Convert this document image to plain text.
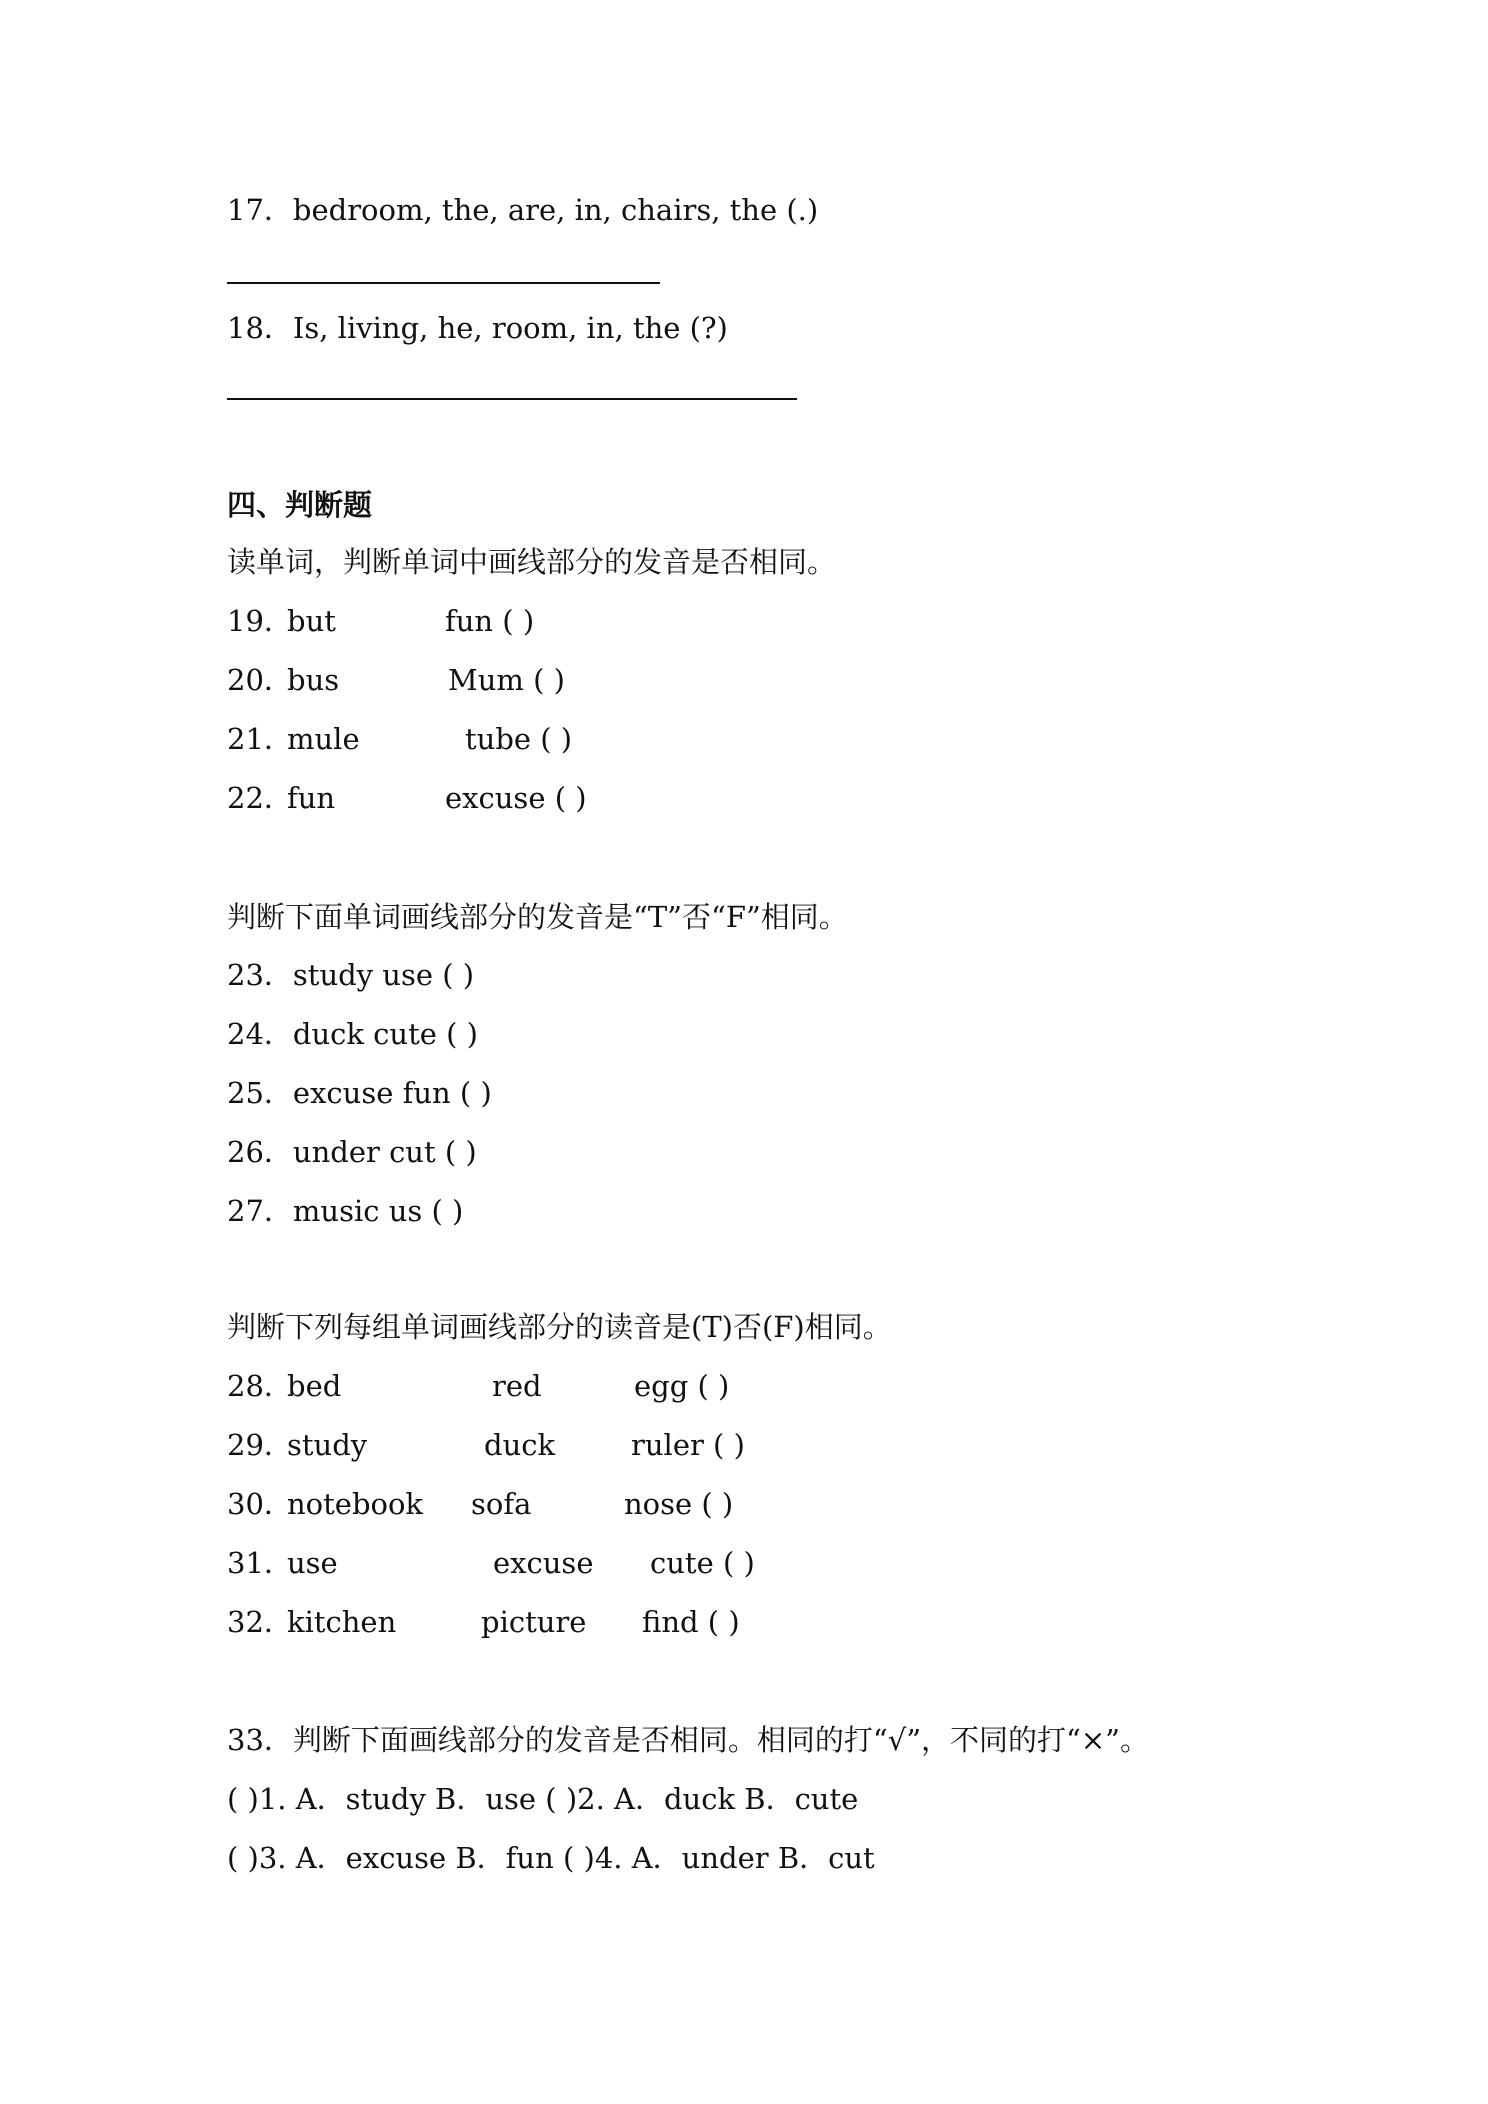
17．bedroom, the, are, in, chairs, the (.)
18．Is, living, he, room, in, the (?)
四、判断题
读单词，判断单词中画线部分的发音是否相同。
19．
but	fun ( )
20．
bus	Mum ( )
21．
mule	tube ( )
22．
fun	excuse ( )
判断下面单词画线部分的发音是“T”否“F”相同。
23．study use ( )
24．duck cute ( )
25．excuse fun ( )
26．under cut ( )
27．music us ( )
判断下列每组单词画线部分的读音是(T)否(F)相同。
28．
bed	red	egg ( )
29．
study	duck	ruler ( )
30．
notebook sofa	nose ( )
31．
use	excuse cute ( )
32．
kitchen	picture find ( )
33．判断下面画线部分的发音是否相同。相同的打“√”，不同的打“×”。
( )1. A．study B．use ( )2. A．duck B．cute
( )3. A．excuse B．fun ( )4. A．under B．cut
